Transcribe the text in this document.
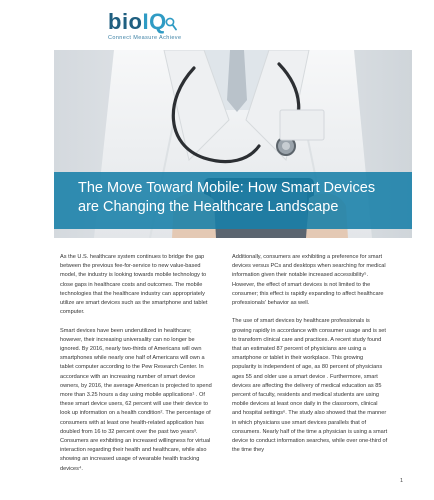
bioIQ
Connect Measure Achieve
The Move Toward Mobile: How Smart Devices are Changing the Healthcare Landscape

As the U.S. healthcare system continues to bridge the gap between the previous fee-for-service to new value-based model, the industry is looking towards mobile technology to close gaps in healthcare costs and outcomes. The mobile technologies that the healthcare industry can appropriately utilize are smart devices such as the smartphone and tablet computer.

Smart devices have been underutilized in healthcare; however, their increasing universality can no longer be ignored. By 2016, nearly two-thirds of Americans will own smartphones while nearly one half of Americans will own a tablet computer according to the Pew Research Center. In accordance with an increasing number of smart device owners, by 2016, the average American is projected to spend more than 3.25 hours a day using mobile applications¹ . Of these smart device users, 62 percent will use their device to look up information on a health condition². The percentage of consumers with at least one health-related application has doubled from 16 to 32 percent over the past two years³. Consumers are exhibiting an increased willingness for virtual interaction regarding their health and healthcare, while also showing an increased usage of wearable health tracking devices⁴.

Additionally, consumers are exhibiting a preference for smart devices versus PCs and desktops when searching for medical information given their notable increased accessibility⁵. However, the effect of smart devices is not limited to the consumer; this effect is rapidly expanding to affect healthcare professionals' behavior as well.

The use of smart devices by healthcare professionals is growing rapidly in accordance with consumer usage and is set to transform clinical care and practices. A recent study found that an estimated 87 percent of physicians are using a smartphone or tablet in their workplace. This growing popularity is independent of age, as 80 percent of physicians ages 55 and older use a smart device . Furthermore, smart devices are affecting the delivery of medical education as 85 percent of faculty, residents and medical students are using mobile devices at least once daily in the classroom, clinical and hospital settings⁶. The study also showed that the manner in which physicians use smart devices parallels that of consumers. Nearly half of the time a physician is using a smart device to conduct information searches, while over one-third of the time they

1
